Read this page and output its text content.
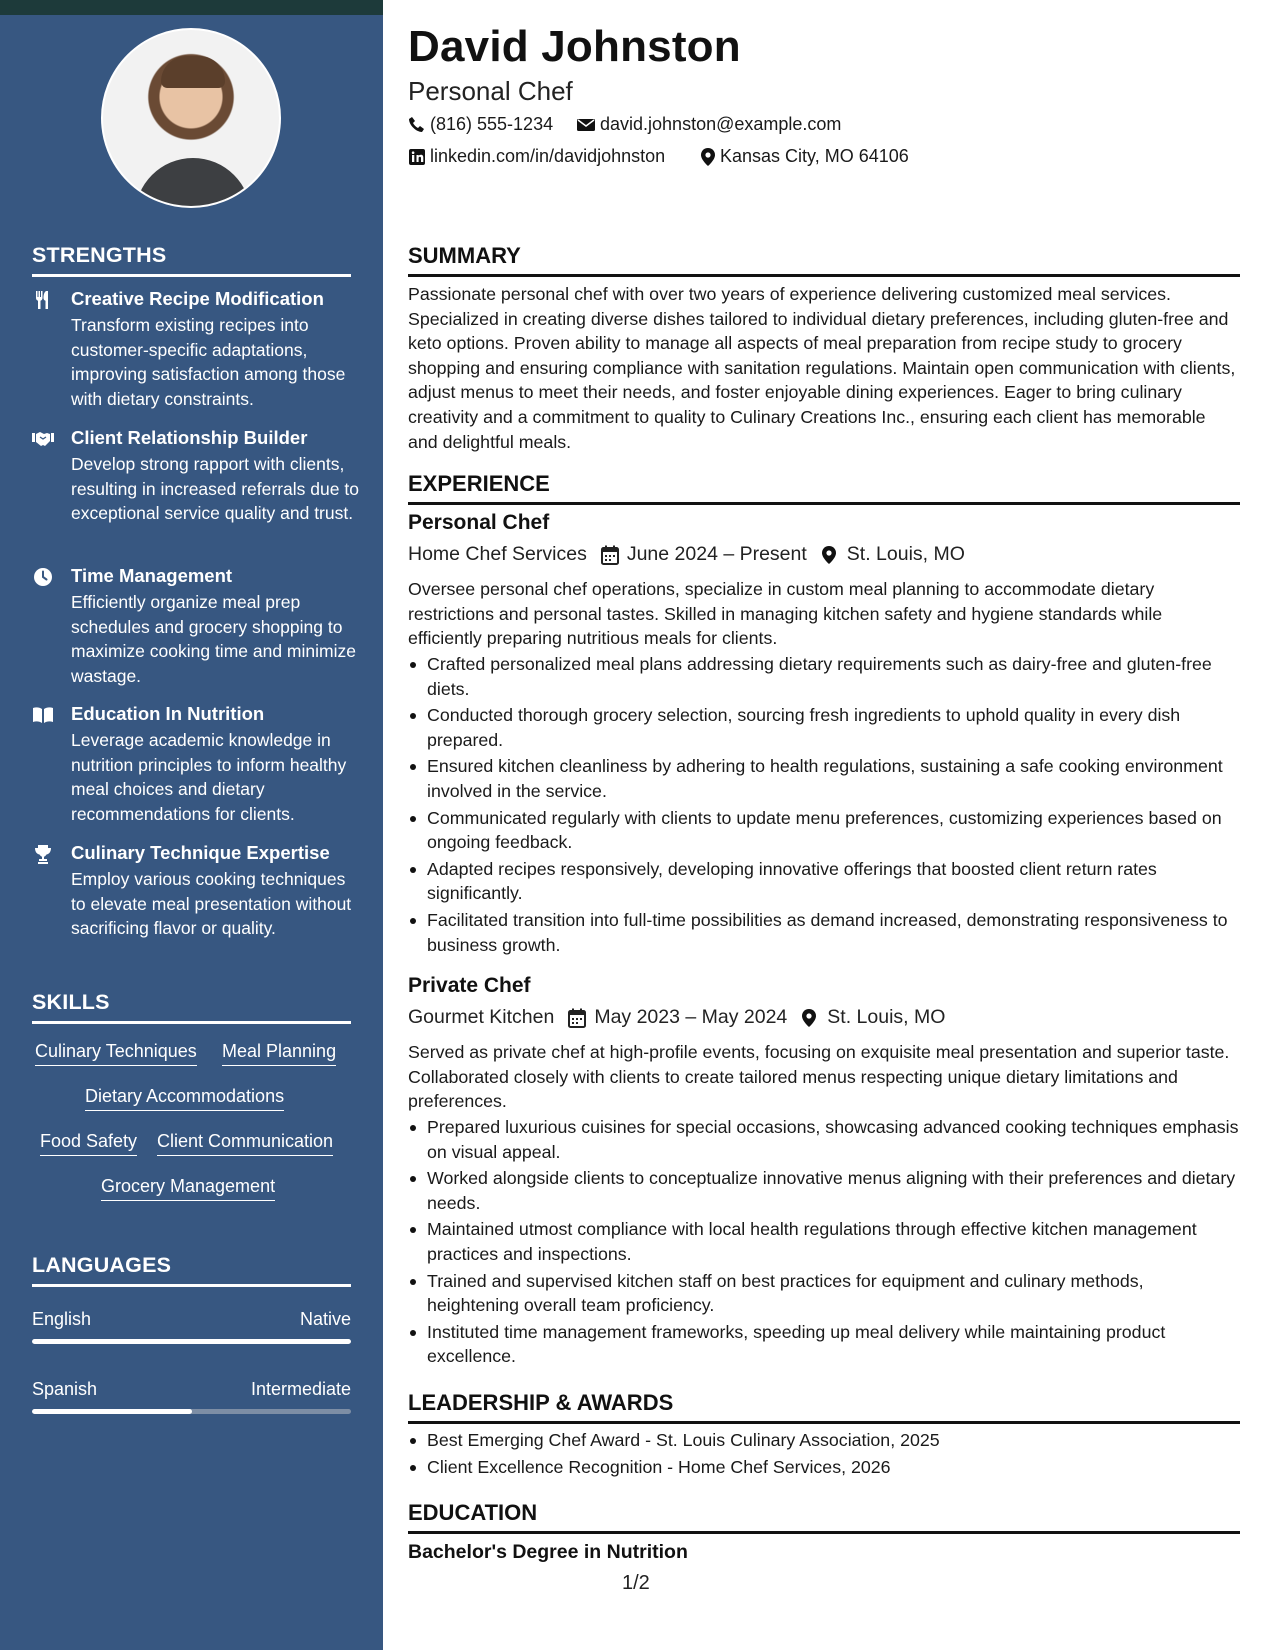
STRENGTHS
Creative Recipe Modification
Transform existing recipes into customer-specific adaptations, improving satisfaction among those with dietary constraints.
Client Relationship Builder
Develop strong rapport with clients, resulting in increased referrals due to exceptional service quality and trust.
Time Management
Efficiently organize meal prep schedules and grocery shopping to maximize cooking time and minimize wastage.
Education In Nutrition
Leverage academic knowledge in nutrition principles to inform healthy meal choices and dietary recommendations for clients.
Culinary Technique Expertise
Employ various cooking techniques to elevate meal presentation without sacrificing flavor or quality.
SKILLS
Culinary Techniques Meal Planning
Dietary Accommodations
Food Safety Client Communication
Grocery Management
LANGUAGES
English	Native
Spanish	Intermediate
David Johnston
Personal Chef
(816) 555-1234	david.johnston@example.com
linkedin.com/in/davidjohnston	Kansas City, MO 64106
SUMMARY
Passionate personal chef with over two years of experience delivering customized meal services. Specialized in creating diverse dishes tailored to individual dietary preferences, including gluten-free and keto options. Proven ability to manage all aspects of meal preparation from recipe study to grocery shopping and ensuring compliance with sanitation regulations. Maintain open communication with clients, adjust menus to meet their needs, and foster enjoyable dining experiences. Eager to bring culinary creativity and a commitment to quality to Culinary Creations Inc., ensuring each client has memorable and delightful meals.
EXPERIENCE
Personal Chef
Home Chef Services June 2024 – Present St. Louis, MO
Oversee personal chef operations, specialize in custom meal planning to accommodate dietary restrictions and personal tastes. Skilled in managing kitchen safety and hygiene standards while efficiently preparing nutritious meals for clients.
Crafted personalized meal plans addressing dietary requirements such as dairy-free and gluten-free diets.
Conducted thorough grocery selection, sourcing fresh ingredients to uphold quality in every dish prepared.
Ensured kitchen cleanliness by adhering to health regulations, sustaining a safe cooking environment involved in the service.
Communicated regularly with clients to update menu preferences, customizing experiences based on ongoing feedback.
Adapted recipes responsively, developing innovative offerings that boosted client return rates significantly.
Facilitated transition into full-time possibilities as demand increased, demonstrating responsiveness to business growth.
Private Chef
Gourmet Kitchen May 2023 – May 2024 St. Louis, MO
Served as private chef at high-profile events, focusing on exquisite meal presentation and superior taste. Collaborated closely with clients to create tailored menus respecting unique dietary limitations and preferences.
Prepared luxurious cuisines for special occasions, showcasing advanced cooking techniques emphasis on visual appeal.
Worked alongside clients to conceptualize innovative menus aligning with their preferences and dietary needs.
Maintained utmost compliance with local health regulations through effective kitchen management practices and inspections.
Trained and supervised kitchen staff on best practices for equipment and culinary methods, heightening overall team proficiency.
Instituted time management frameworks, speeding up meal delivery while maintaining product excellence.
LEADERSHIP & AWARDS
Best Emerging Chef Award - St. Louis Culinary Association, 2025
Client Excellence Recognition - Home Chef Services, 2026
EDUCATION
Bachelor's Degree in Nutrition
1/2
